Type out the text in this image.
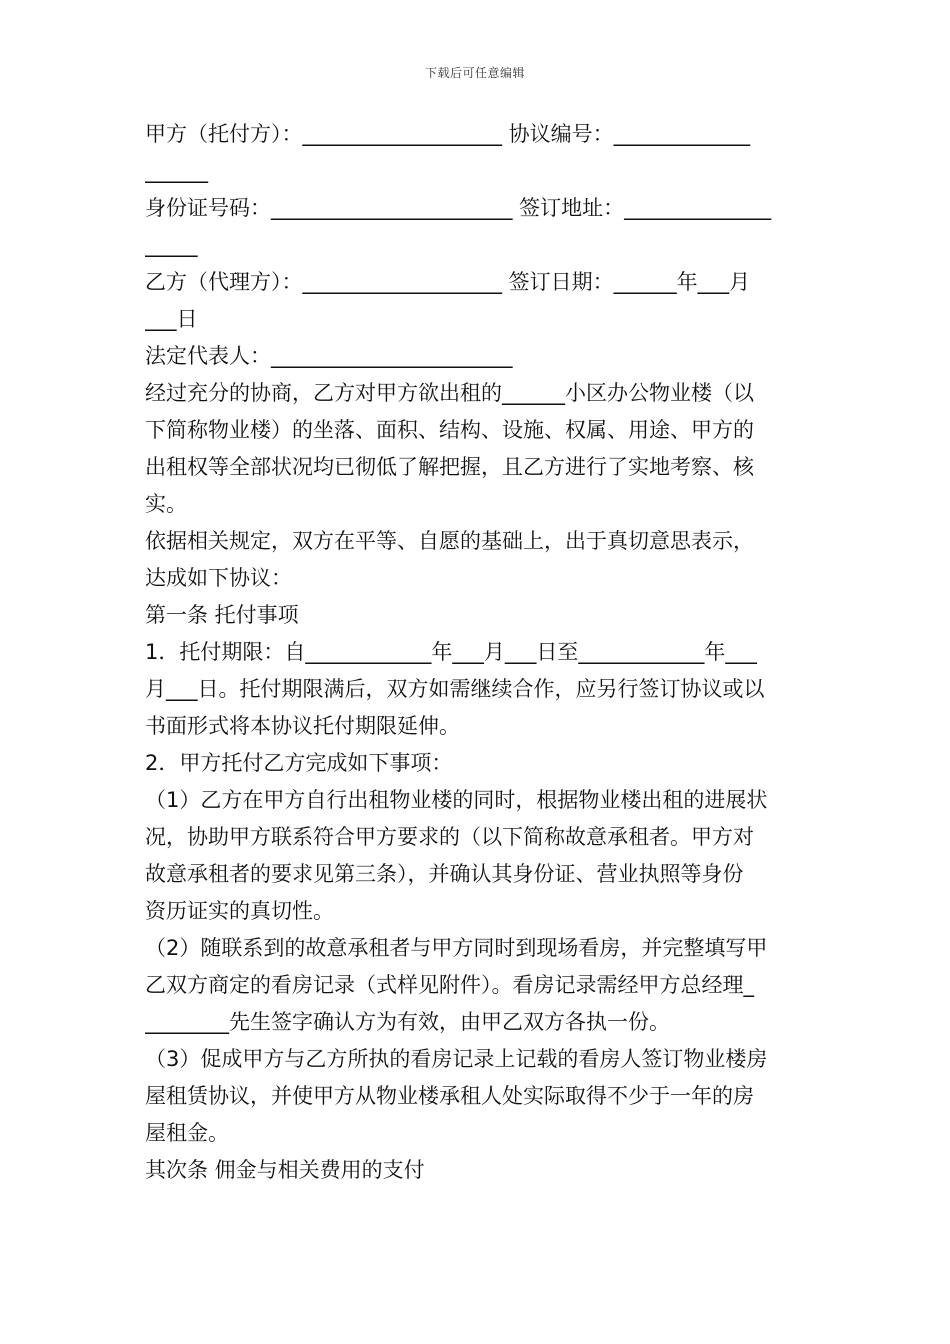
下载后可任意编辑
甲方（托付方）：___________________ 协议编号：_____________
______
身份证号码：_______________________ 签订地址：______________
_____
乙方（代理方）：___________________ 签订日期：______年___月
___日
法定代表人：_______________________
经过充分的协商，乙方对甲方欲出租的______小区办公物业楼（以
下简称物业楼）的坐落、面积、结构、设施、权属、用途、甲方的
出租权等全部状况均已彻低了解把握，且乙方进行了实地考察、核
实。
依据相关规定，双方在平等、自愿的基础上，出于真切意思表示，
达成如下协议：
第一条 托付事项
1．托付期限：自____________年___月___日至____________年___
月___日。托付期限满后，双方如需继续合作，应另行签订协议或以
书面形式将本协议托付期限延伸。
2．甲方托付乙方完成如下事项：
（1）乙方在甲方自行出租物业楼的同时，根据物业楼出租的进展状
况，协助甲方联系符合甲方要求的（以下简称故意承租者。甲方对
故意承租者的要求见第三条），并确认其身份证、营业执照等身份
资历证实的真切性。
（2）随联系到的故意承租者与甲方同时到现场看房，并完整填写甲
乙双方商定的看房记录（式样见附件）。看房记录需经甲方总经理_
________先生签字确认方为有效，由甲乙双方各执一份。
（3）促成甲方与乙方所执的看房记录上记载的看房人签订物业楼房
屋租赁协议，并使甲方从物业楼承租人处实际取得不少于一年的房
屋租金。
其次条 佣金与相关费用的支付
